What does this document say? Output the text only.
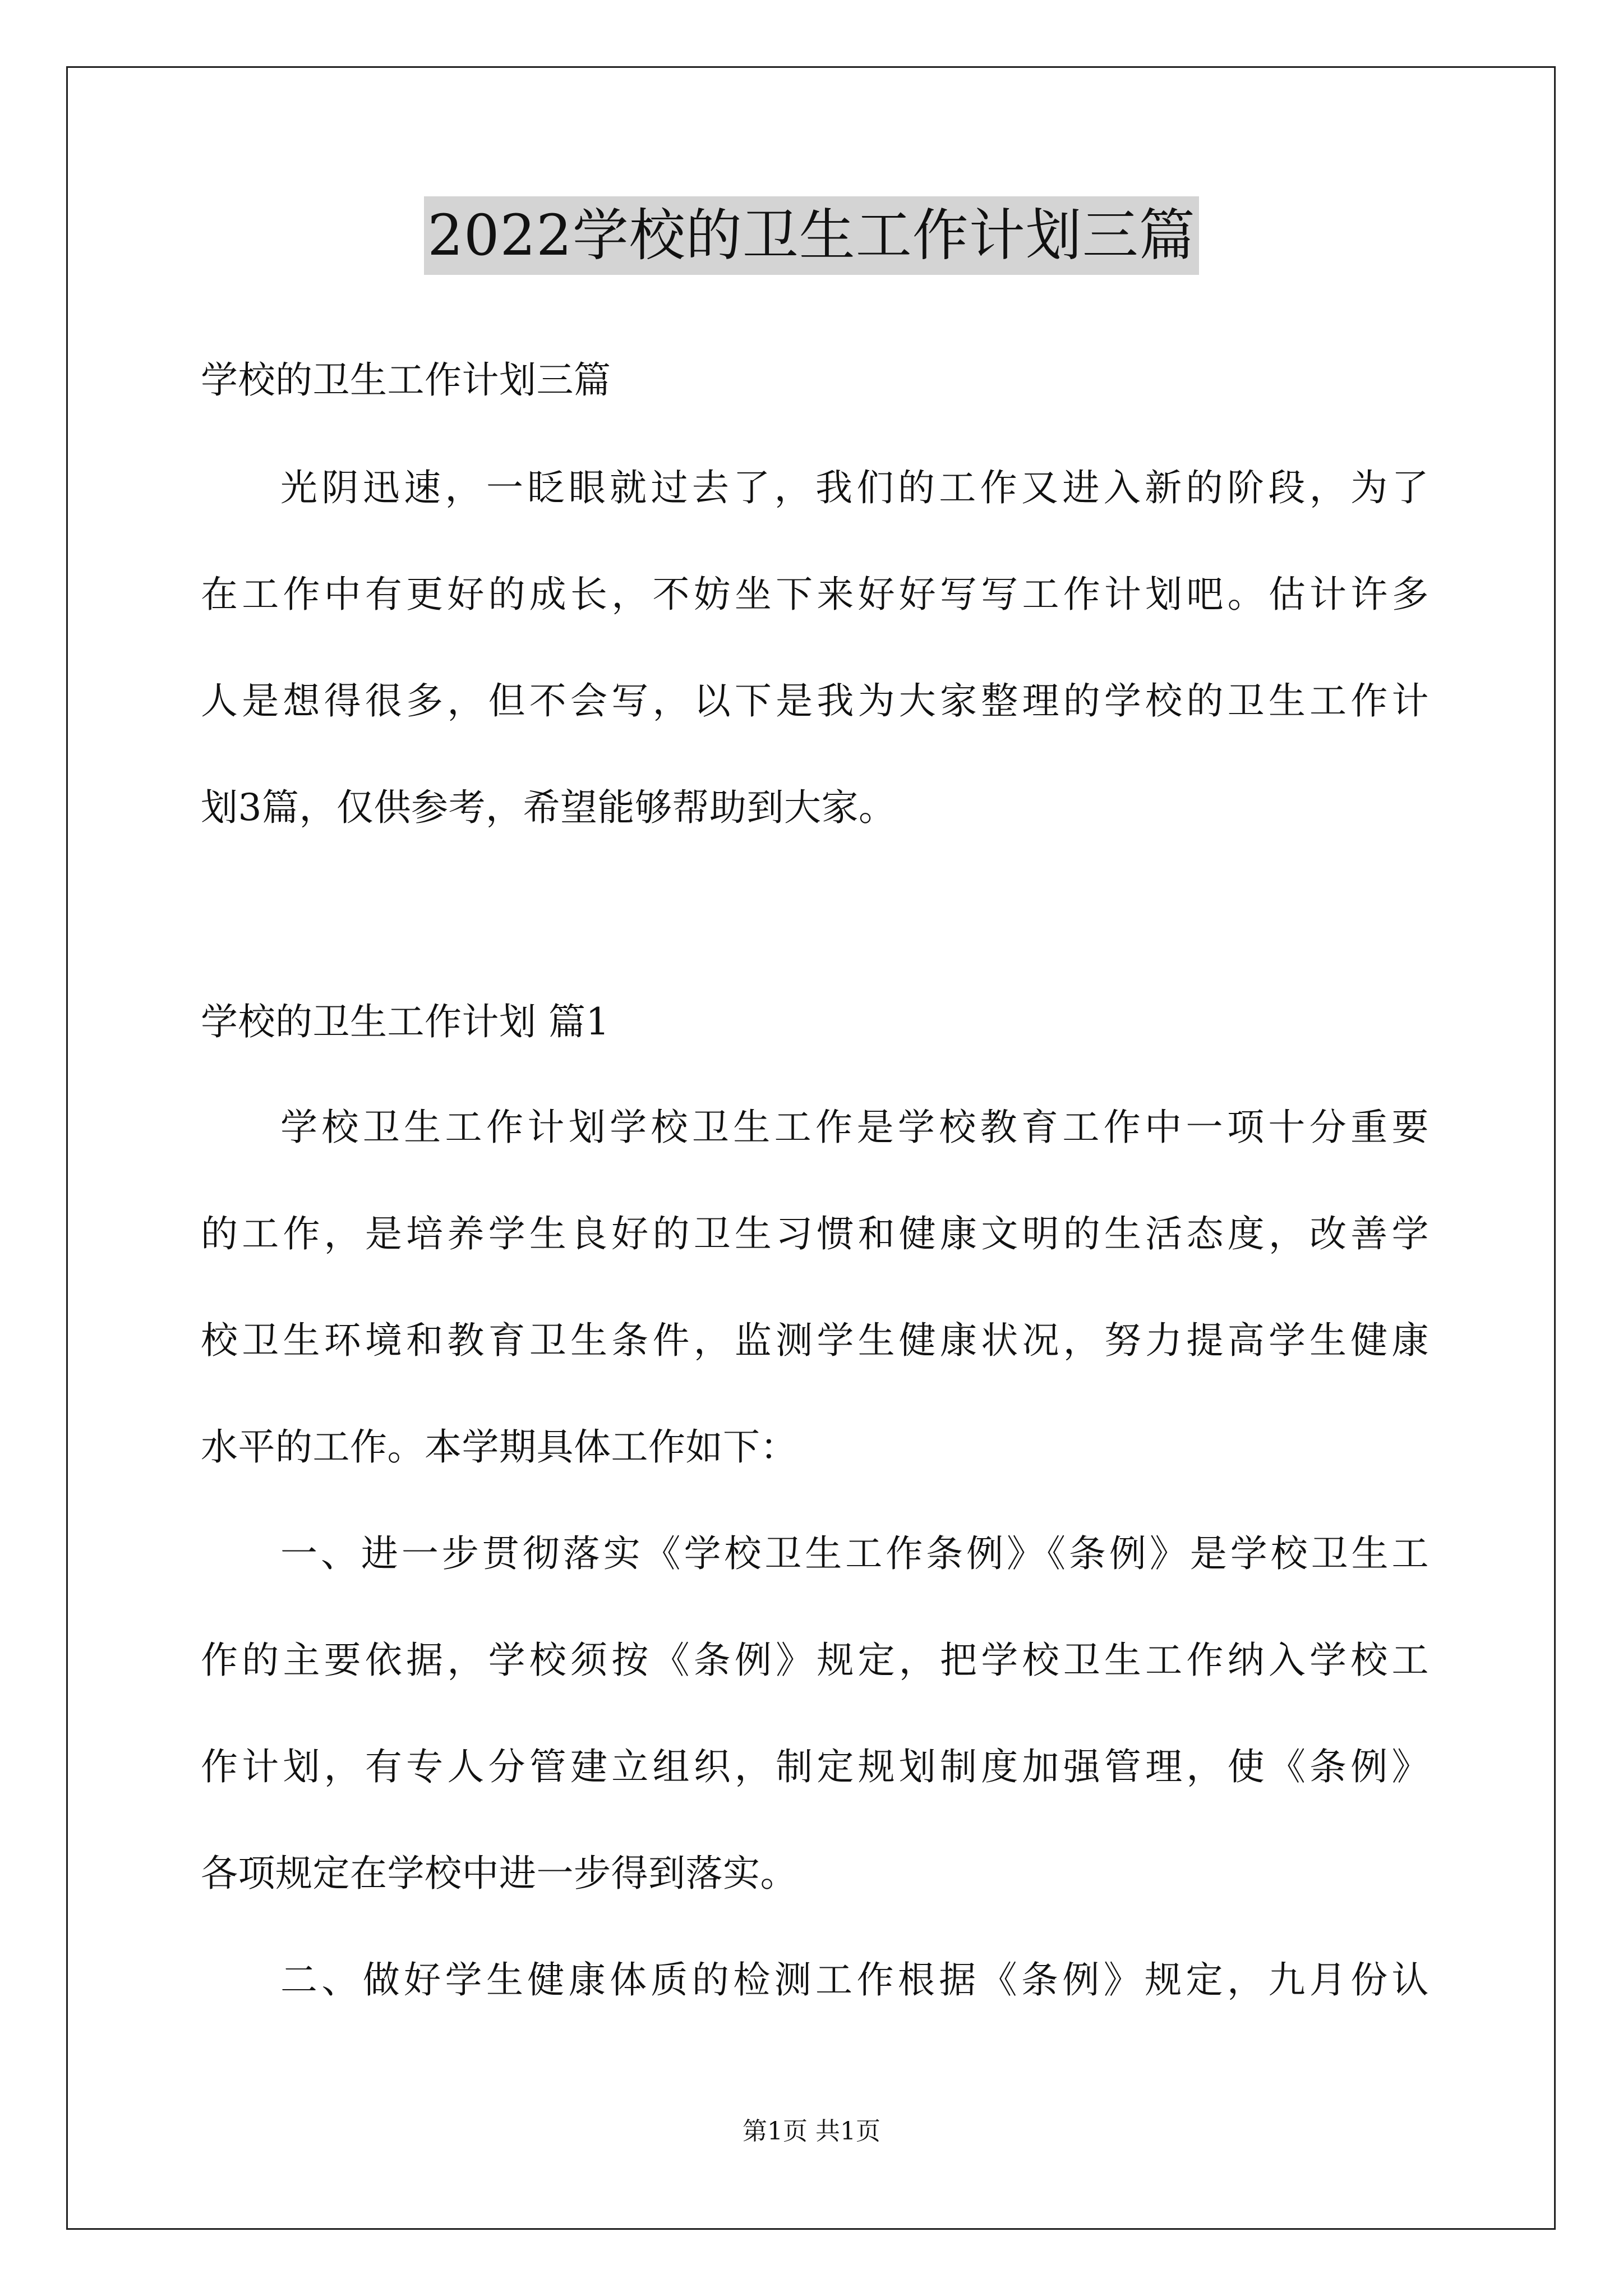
2022学校的卫生工作计划三篇
学校的卫生工作计划三篇
光阴迅速，一眨眼就过去了，我们的工作又进入新的阶段，为了
在工作中有更好的成长，不妨坐下来好好写写工作计划吧。估计许多
人是想得很多，但不会写，以下是我为大家整理的学校的卫生工作计
划3篇，仅供参考，希望能够帮助到大家。
学校的卫生工作计划 篇1
学校卫生工作计划学校卫生工作是学校教育工作中一项十分重要
的工作，是培养学生良好的卫生习惯和健康文明的生活态度，改善学
校卫生环境和教育卫生条件，监测学生健康状况，努力提高学生健康
水平的工作。本学期具体工作如下：
一、进一步贯彻落实《学校卫生工作条例》《条例》是学校卫生工
作的主要依据，学校须按《条例》规定，把学校卫生工作纳入学校工
作计划，有专人分管建立组织，制定规划制度加强管理，使《条例》
各项规定在学校中进一步得到落实。
二、做好学生健康体质的检测工作根据《条例》规定，九月份认
第1页 共1页
